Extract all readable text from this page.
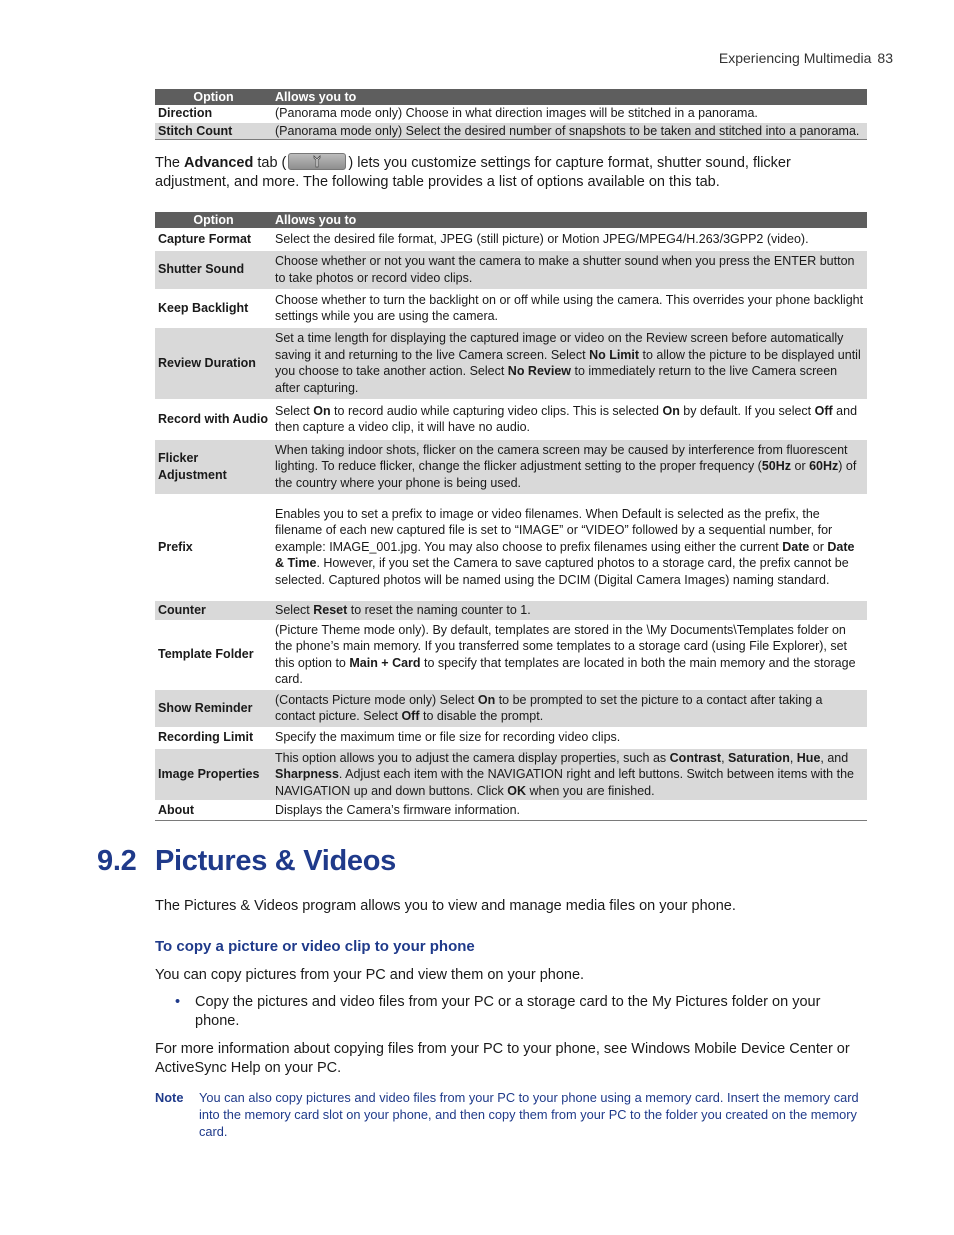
Experiencing Multimedia 83
Option	Allows you to
Direction	(Panorama mode only) Choose in what direction images will be stitched in a panorama.
Stitch Count	(Panorama mode only) Select the desired number of snapshots to be taken and stitched into a panorama.

The Advanced tab (	) lets you customize settings for capture format, shutter sound, flicker adjustment, and more. The following table provides a list of options available on this tab.

Option	Allows you to
Capture Format	Select the desired file format, JPEG (still picture) or Motion JPEG/MPEG4/H.263/3GPP2 (video).
Shutter Sound	Choose whether or not you want the camera to make a shutter sound when you press the ENTER button to take photos or record video clips.
Keep Backlight	Choose whether to turn the backlight on or off while using the camera. This overrides your phone backlight settings while you are using the camera.
Review Duration	Set a time length for displaying the captured image or video on the Review screen before automatically saving it and returning to the live Camera screen. Select No Limit to allow the picture to be displayed until you choose to take another action. Select No Review to immediately return to the live Camera screen after capturing.
Record with Audio	Select On to record audio while capturing video clips. This is selected On by default. If you select Off and then capture a video clip, it will have no audio.
Flicker Adjustment	When taking indoor shots, flicker on the camera screen may be caused by interference from fluorescent lighting. To reduce flicker, change the flicker adjustment setting to the proper frequency (50Hz or 60Hz) of the country where your phone is being used.
Prefix	Enables you to set a prefix to image or video filenames. When Default is selected as the prefix, the filename of each new captured file is set to “IMAGE” or “VIDEO” followed by a sequential number, for example: IMAGE_001.jpg. You may also choose to prefix filenames using either the current Date or Date & Time. However, if you set the Camera to save captured photos to a storage card, the prefix cannot be selected. Captured photos will be named using the DCIM (Digital Camera Images) naming standard.
Counter	Select Reset to reset the naming counter to 1.
Template Folder	(Picture Theme mode only). By default, templates are stored in the \My Documents\Templates folder on the phone’s main memory. If you transferred some templates to a storage card (using File Explorer), set this option to Main + Card to specify that templates are located in both the main memory and the storage card.
Show Reminder	(Contacts Picture mode only) Select On to be prompted to set the picture to a contact after taking a contact picture. Select Off to disable the prompt.
Recording Limit	Specify the maximum time or file size for recording video clips.
Image Properties	This option allows you to adjust the camera display properties, such as Contrast, Saturation, Hue, and Sharpness. Adjust each item with the NAVIGATION right and left buttons. Switch between items with the NAVIGATION up and down buttons. Click OK when you are finished.
About	Displays the Camera’s firmware information.
9.2 Pictures & Videos

The Pictures & Videos program allows you to view and manage media files on your phone.

To copy a picture or video clip to your phone

You can copy pictures from your PC and view them on your phone.

•	Copy the pictures and video files from your PC or a storage card to the My Pictures folder on your phone.

For more information about copying files from your PC to your phone, see Windows Mobile Device Center or ActiveSync Help on your PC.

Note	You can also copy pictures and video files from your PC to your phone using a memory card. Insert the memory card into the memory card slot on your phone, and then copy them from your PC to the folder you created on the memory card.
